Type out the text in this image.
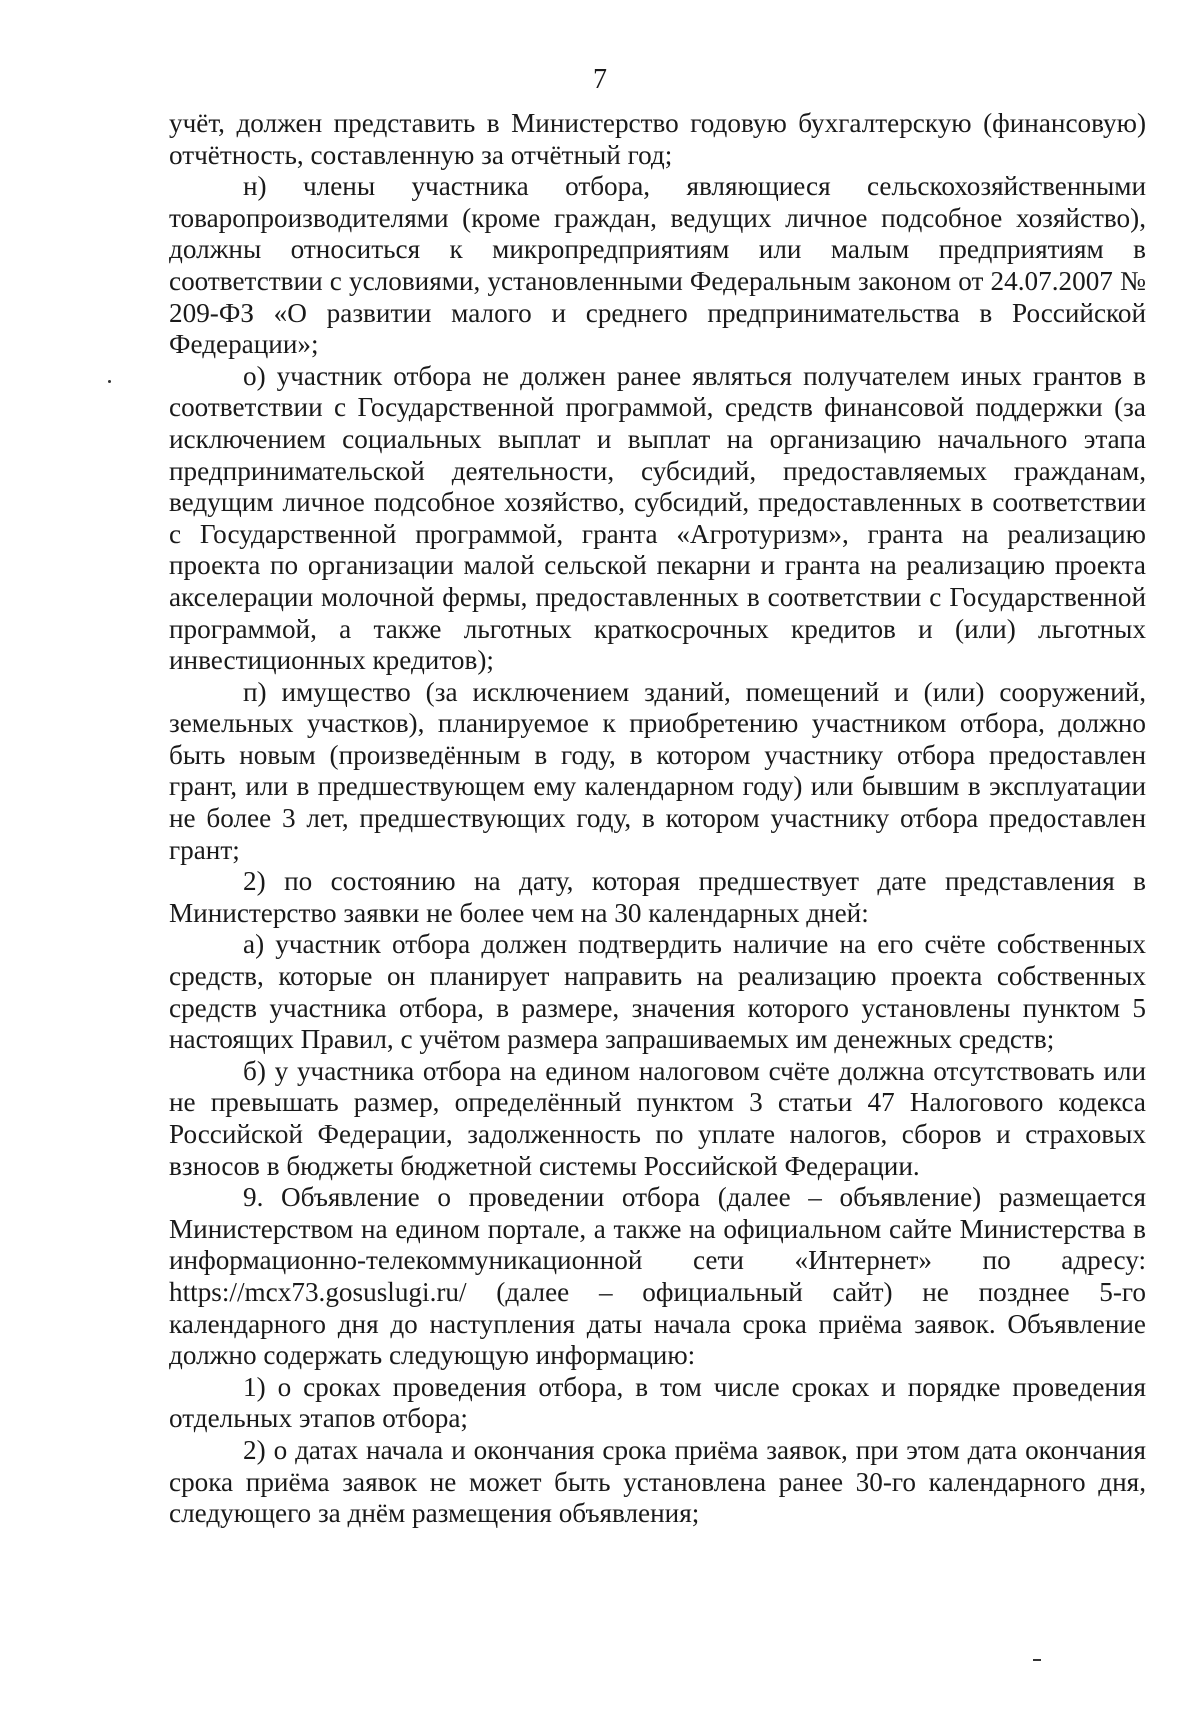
7

учёт, должен представить в Министерство годовую бухгалтерскую (финансовую) отчётность, составленную за отчётный год;

н) члены участника отбора, являющиеся сельскохозяйственными товаропроизводителями (кроме граждан, ведущих личное подсобное хозяйство), должны относиться к микропредприятиям или малым предприятиям в соответствии с условиями, установленными Федеральным законом от 24.07.2007 № 209-ФЗ «О развитии малого и среднего предпринимательства в Российской Федерации»;

о) участник отбора не должен ранее являться получателем иных грантов в соответствии с Государственной программой, средств финансовой поддержки (за исключением социальных выплат и выплат на организацию начального этапа предпринимательской деятельности, субсидий, предоставляемых гражданам, ведущим личное подсобное хозяйство, субсидий, предоставленных в соответствии с Государственной программой, гранта «Агротуризм», гранта на реализацию проекта по организации малой сельской пекарни и гранта на реализацию проекта акселерации молочной фермы, предоставленных в соответствии с Государственной программой, а также льготных краткосрочных кредитов и (или) льготных инвестиционных кредитов);

п) имущество (за исключением зданий, помещений и (или) сооружений, земельных участков), планируемое к приобретению участником отбора, должно быть новым (произведённым в году, в котором участнику отбора предоставлен грант, или в предшествующем ему календарном году) или бывшим в эксплуатации не более 3 лет, предшествующих году, в котором участнику отбора предоставлен грант;

2) по состоянию на дату, которая предшествует дате представления в Министерство заявки не более чем на 30 календарных дней:

а) участник отбора должен подтвердить наличие на его счёте собственных средств, которые он планирует направить на реализацию проекта собственных средств участника отбора, в размере, значения которого установлены пунктом 5 настоящих Правил, с учётом размера запрашиваемых им денежных средств;

б) у участника отбора на едином налоговом счёте должна отсутствовать или не превышать размер, определённый пунктом 3 статьи 47 Налогового кодекса Российской Федерации, задолженность по уплате налогов, сборов и страховых взносов в бюджеты бюджетной системы Российской Федерации.

9. Объявление о проведении отбора (далее – объявление) размещается Министерством на едином портале, а также на официальном сайте Министерства в информационно-телекоммуникационной сети «Интернет» по адресу: https://mcx73.gosuslugi.ru/ (далее – официальный сайт) не позднее 5-го календарного дня до наступления даты начала срока приёма заявок. Объявление должно содержать следующую информацию:

1) о сроках проведения отбора, в том числе сроках и порядке проведения отдельных этапов отбора;

2) о датах начала и окончания срока приёма заявок, при этом дата окончания срока приёма заявок не может быть установлена ранее 30-го календарного дня, следующего за днём размещения объявления;
